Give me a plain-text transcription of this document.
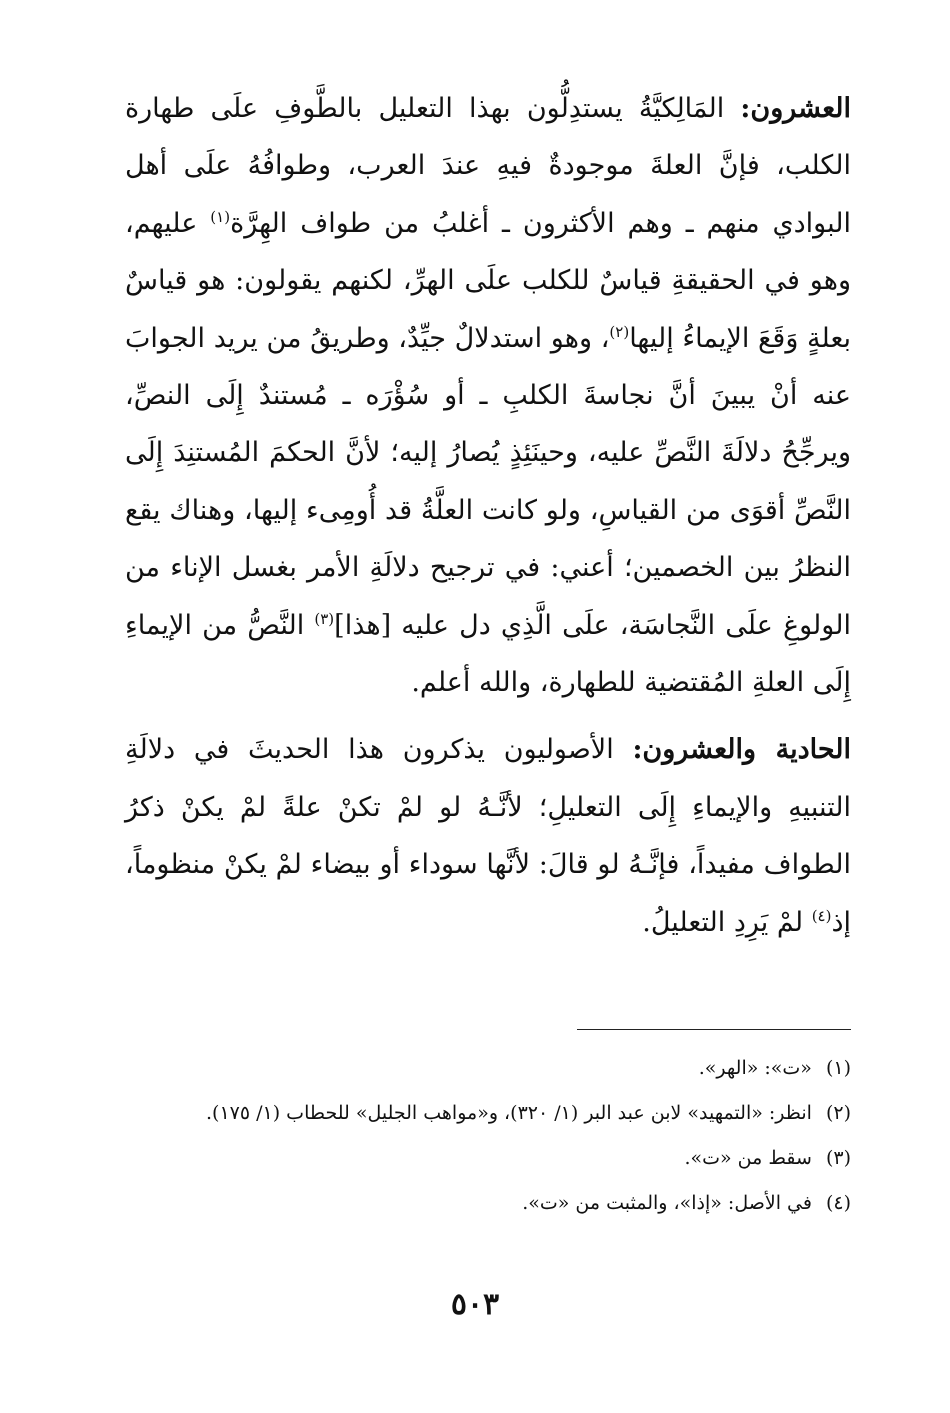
العشرون: المَالِكيَّةُ يستدِلُّون بهذا التعليل بالطَّوفِ علَى طهارة الكلب، فإنَّ العلةَ موجودةٌ فيهِ عندَ العرب، وطوافُهُ علَى أهل البوادي منهم ـ وهم الأكثرون ـ أغلبُ من طواف الهِرَّة$^{(١)}$ عليهم، وهو في الحقيقةِ قياسٌ للكلب علَى الهرِّ، لكنهم يقولون: هو قياسٌ بعلةٍ وَقَعَ الإيماءُ إليها$^{(٢)}$، وهو استدلالٌ جيِّدٌ، وطريقُ من يريد الجوابَ عنه أنْ يبينَ أنَّ نجاسةَ الكلبِ ـ أو سُؤْرَه ـ مُستندٌ إِلَى النصِّ، ويرجِّحُ دلالَةَ النَّصِّ عليه، وحينَئِذٍ يُصارُ إليه؛ لأنَّ الحكمَ المُستنِدَ إِلَى النَّصِّ أقوَى من القياسِ، ولو كانت العلَّةُ قد أُومِىء إليها، وهناك يقع النظرُ بين الخصمين؛ أعني: في ترجيح دلالَةِ الأمر بغسل الإناء من الولوغِ علَى النَّجاسَة، علَى الَّذِي دل عليه [هذا]$^{(٣)}$ النَّصُّ من الإيماءِ إِلَى العلةِ المُقتضية للطهارة، والله أعلم.

الحادية والعشرون: الأصوليون يذكرون هذا الحديثَ في دلالَةِ التنبيهِ والإيماءِ إِلَى التعليلِ؛ لأنَّـهُ لو لمْ تكنْ علةً لمْ يكنْ ذكرُ الطواف مفيداً، فإنَّـهُ لو قالَ: لأنَّها سوداء أو بيضاء لمْ يكنْ منظوماً، إذ$^{(٤)}$ لمْ يَرِدِ التعليلُ.

(١)«ت»: «الهر».
(٢)انظر: «التمهيد» لابن عبد البر (١/ ٣٢٠)، و«مواهب الجليل» للحطاب (١/ ١٧٥).
(٣)سقط من «ت».
(٤)في الأصل: «إذا»، والمثبت من «ت».
٥٠٣
